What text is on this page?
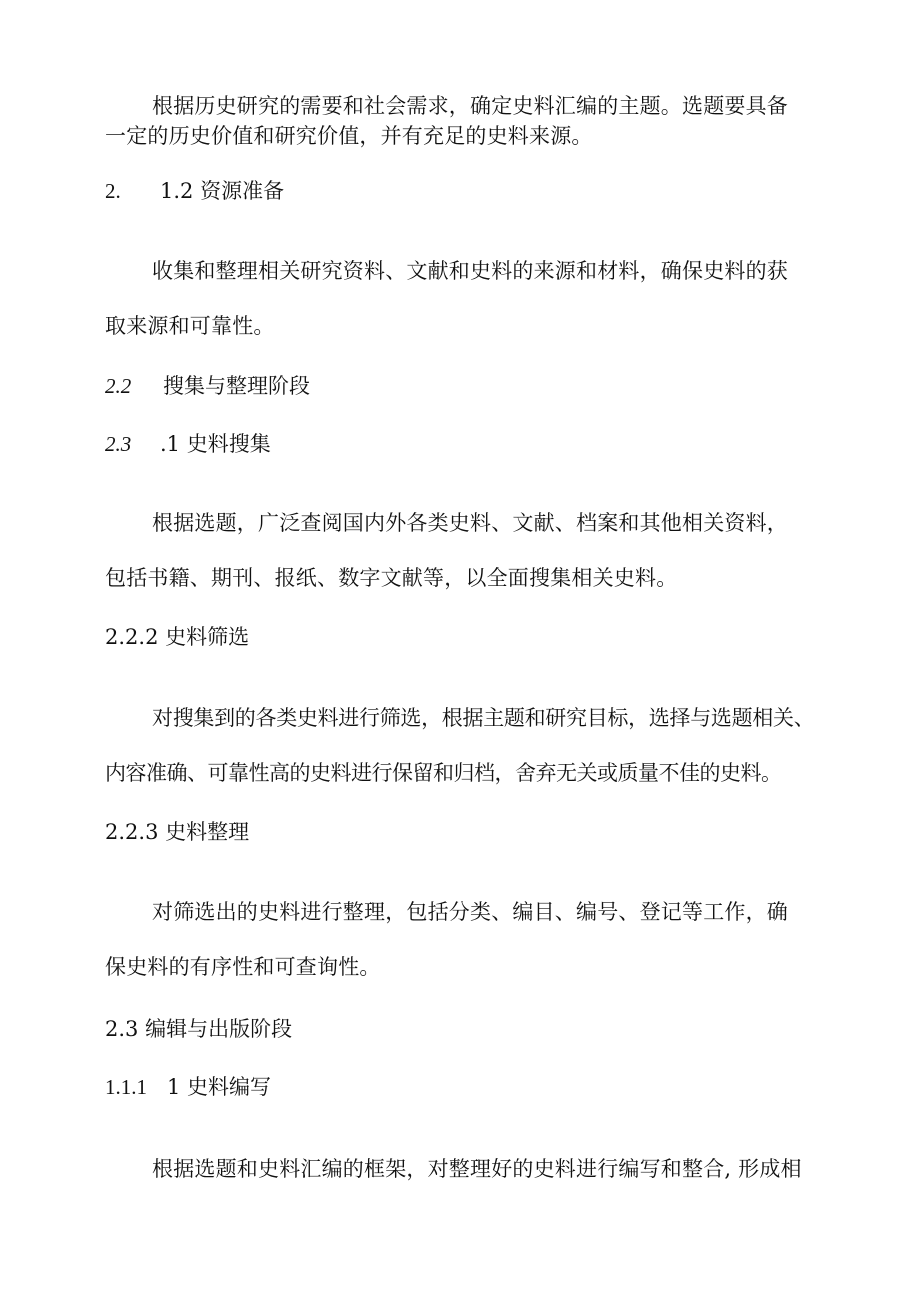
根据历史研究的需要和社会需求，确定史料汇编的主题。选题要具备
一定的历史价值和研究价值，并有充足的史料来源。
2. 1.2 资源准备
收集和整理相关研究资料、文献和史料的来源和材料，确保史料的获
取来源和可靠性。
2.2 搜集与整理阶段
2.3 .1 史料搜集
根据选题，广泛查阅国内外各类史料、文献、档案和其他相关资料，
包括书籍、期刊、报纸、数字文献等，以全面搜集相关史料。
2.2.2 史料筛选
对搜集到的各类史料进行筛选，根据主题和研究目标，选择与选题相关、
内容准确、可靠性高的史料进行保留和归档，舍弃无关或质量不佳的史料。
2.2.3 史料整理
对筛选出的史料进行整理，包括分类、编目、编号、登记等工作，确
保史料的有序性和可查询性。
2.3 编辑与出版阶段
1.1.1 1 史料编写
根据选题和史料汇编的框架，对整理好的史料进行编写和整合, 形成相
